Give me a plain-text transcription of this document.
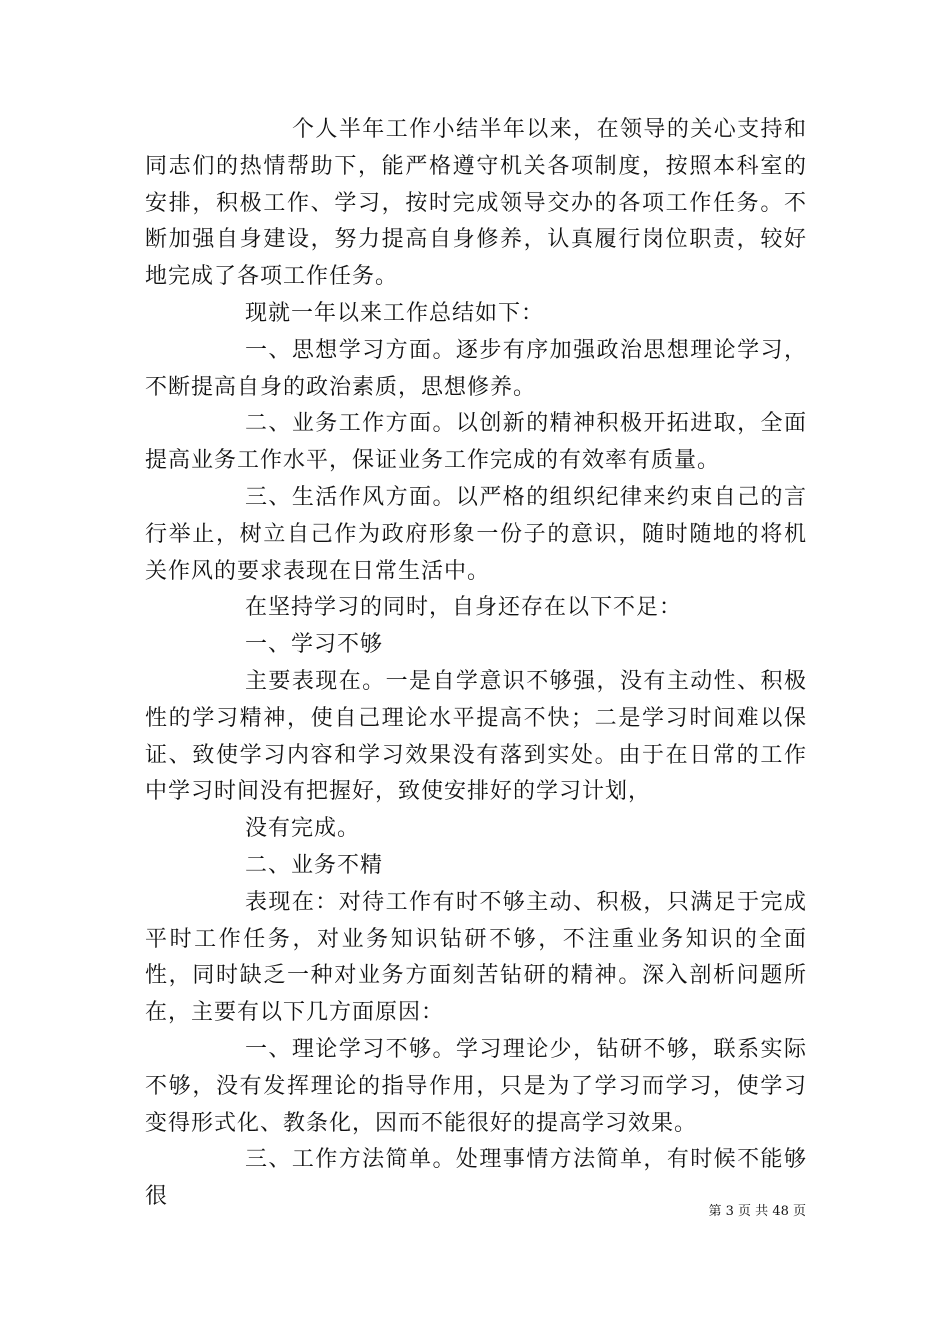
个人半年工作小结半年以来，在领导的关心支持和同志们的热情帮助下，能严格遵守机关各项制度，按照本科室的安排，积极工作、学习，按时完成领导交办的各项工作任务。不断加强自身建设，努力提高自身修养，认真履行岗位职责，较好地完成了各项工作任务。

现就一年以来工作总结如下：

一、思想学习方面。逐步有序加强政治思想理论学习，不断提高自身的政治素质，思想修养。

二、业务工作方面。以创新的精神积极开拓进取，全面提高业务工作水平，保证业务工作完成的有效率有质量。

三、生活作风方面。以严格的组织纪律来约束自己的言行举止，树立自己作为政府形象一份子的意识，随时随地的将机关作风的要求表现在日常生活中。

在坚持学习的同时，自身还存在以下不足：

一、学习不够

主要表现在。一是自学意识不够强，没有主动性、积极性的学习精神，使自己理论水平提高不快；二是学习时间难以保证、致使学习内容和学习效果没有落到实处。由于在日常的工作中学习时间没有把握好，致使安排好的学习计划，

没有完成。

二、业务不精

表现在：对待工作有时不够主动、积极，只满足于完成平时工作任务，对业务知识钻研不够，不注重业务知识的全面性，同时缺乏一种对业务方面刻苦钻研的精神。深入剖析问题所在，主要有以下几方面原因：

一、理论学习不够。学习理论少，钻研不够，联系实际不够，没有发挥理论的指导作用，只是为了学习而学习，使学习变得形式化、教条化，因而不能很好的提高学习效果。

三、工作方法简单。处理事情方法简单，有时候不能够很

第 3 页 共 48 页
